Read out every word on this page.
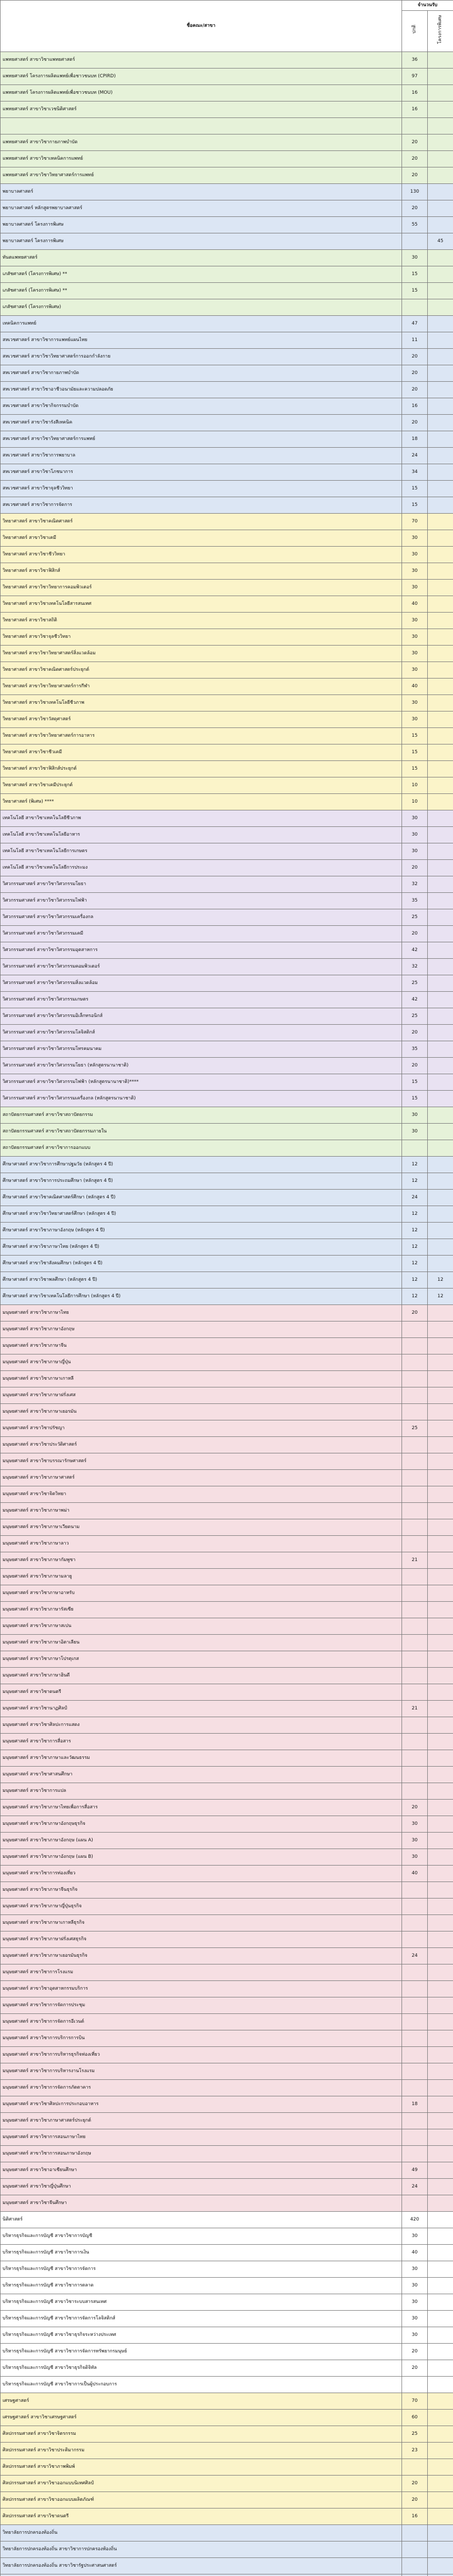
ชื่อคณะ/สาขา	จำนวนรับ	
	ปกติ	โครงการพิเศษ
แพทยศาสตร์ สาขาวิชาแพทยศาสตร์	36	
แพทยศาสตร์ โครงการผลิตแพทย์เพื่อชาวชนบท (CPIRD)	97	
แพทยศาสตร์ โครงการผลิตแพทย์เพื่อชาวชนบท (MOU)	16	
แพทยศาสตร์ สาขาวิชาเวชนิติศาสตร์	16	

แพทยศาสตร์ สาขาวิชากายภาพบำบัด	20	
แพทยศาสตร์ สาขาวิชาเทคนิคการแพทย์	20	
แพทยศาสตร์ สาขาวิชาวิทยาศาสตร์การแพทย์	20	
พยาบาลศาสตร์	130	
พยาบาลศาสตร์ หลักสูตรพยาบาลศาสตร์	20	
พยาบาลศาสตร์ โครงการพิเศษ	55	
พยาบาลศาสตร์ โครงการพิเศษ		45
ทันตแพทยศาสตร์	30	
เภสัชศาสตร์ (โครงการพิเศษ) **	15	
เภสัชศาสตร์ (โครงการพิเศษ) **	15	
เภสัชศาสตร์ (โครงการพิเศษ)		
เทคนิคการแพทย์	47	
สหเวชศาสตร์ สาขาวิชาการแพทย์แผนไทย	11	
สหเวชศาสตร์ สาขาวิชาวิทยาศาสตร์การออกกำลังกาย	20	
สหเวชศาสตร์ สาขาวิชากายภาพบำบัด	20	
สหเวชศาสตร์ สาขาวิชาอาชีวอนามัยและความปลอดภัย	20	
สหเวชศาสตร์ สาขาวิชากิจกรรมบำบัด	16	
สหเวชศาสตร์ สาขาวิชารังสีเทคนิค	20	
สหเวชศาสตร์ สาขาวิชาวิทยาศาสตร์การแพทย์	18	
สหเวชศาสตร์ สาขาวิชาการพยาบาล	24	
สหเวชศาสตร์ สาขาวิชาโภชนาการ	34	
สหเวชศาสตร์ สาขาวิชาจุลชีววิทยา	15	
สหเวชศาสตร์ สาขาวิชาการจัดการ	15	
วิทยาศาสตร์ สาขาวิชาคณิตศาสตร์	70	
วิทยาศาสตร์ สาขาวิชาเคมี	30	
วิทยาศาสตร์ สาขาวิชาชีววิทยา	30	
วิทยาศาสตร์ สาขาวิชาฟิสิกส์	30	
วิทยาศาสตร์ สาขาวิชาวิทยาการคอมพิวเตอร์	30	
วิทยาศาสตร์ สาขาวิชาเทคโนโลยีสารสนเทศ	40	
วิทยาศาสตร์ สาขาวิชาสถิติ	30	
วิทยาศาสตร์ สาขาวิชาจุลชีววิทยา	30	
วิทยาศาสตร์ สาขาวิชาวิทยาศาสตร์สิ่งแวดล้อม	30	
วิทยาศาสตร์ สาขาวิชาคณิตศาสตร์ประยุกต์	30	
วิทยาศาสตร์ สาขาวิชาวิทยาศาสตร์การกีฬา	40	
วิทยาศาสตร์ สาขาวิชาเทคโนโลยีชีวภาพ	30	
วิทยาศาสตร์ สาขาวิชาวัสดุศาสตร์	30	
วิทยาศาสตร์ สาขาวิชาวิทยาศาสตร์การอาหาร	15	
วิทยาศาสตร์ สาขาวิชาชีวเคมี	15	
วิทยาศาสตร์ สาขาวิชาฟิสิกส์ประยุกต์	15	
วิทยาศาสตร์ สาขาวิชาเคมีประยุกต์	10	
วิทยาศาสตร์ (พิเศษ) ****	10	
เทคโนโลยี สาขาวิชาเทคโนโลยีชีวภาพ	30	
เทคโนโลยี สาขาวิชาเทคโนโลยีอาหาร	30	
เทคโนโลยี สาขาวิชาเทคโนโลยีการเกษตร	30	
เทคโนโลยี สาขาวิชาเทคโนโลยีการประมง	20	
วิศวกรรมศาสตร์ สาขาวิชาวิศวกรรมโยธา	32	
วิศวกรรมศาสตร์ สาขาวิชาวิศวกรรมไฟฟ้า	35	
วิศวกรรมศาสตร์ สาขาวิชาวิศวกรรมเครื่องกล	25	
วิศวกรรมศาสตร์ สาขาวิชาวิศวกรรมเคมี	20	
วิศวกรรมศาสตร์ สาขาวิชาวิศวกรรมอุตสาหการ	42	
วิศวกรรมศาสตร์ สาขาวิชาวิศวกรรมคอมพิวเตอร์	32	
วิศวกรรมศาสตร์ สาขาวิชาวิศวกรรมสิ่งแวดล้อม	25	
วิศวกรรมศาสตร์ สาขาวิชาวิศวกรรมเกษตร	42	
วิศวกรรมศาสตร์ สาขาวิชาวิศวกรรมอิเล็กทรอนิกส์	25	
วิศวกรรมศาสตร์ สาขาวิชาวิศวกรรมโลจิสติกส์	20	
วิศวกรรมศาสตร์ สาขาวิชาวิศวกรรมโทรคมนาคม	35	
วิศวกรรมศาสตร์ สาขาวิชาวิศวกรรมโยธา (หลักสูตรนานาชาติ)	20	
วิศวกรรมศาสตร์ สาขาวิชาวิศวกรรมไฟฟ้า (หลักสูตรนานาชาติ)****	15	
วิศวกรรมศาสตร์ สาขาวิชาวิศวกรรมเครื่องกล (หลักสูตรนานาชาติ)	15	
สถาปัตยกรรมศาสตร์ สาขาวิชาสถาปัตยกรรม	30	
สถาปัตยกรรมศาสตร์ สาขาวิชาสถาปัตยกรรมภายใน	30	
สถาปัตยกรรมศาสตร์ สาขาวิชาการออกแบบ		
ศึกษาศาสตร์ สาขาวิชาการศึกษาปฐมวัย (หลักสูตร 4 ปี)	12	
ศึกษาศาสตร์ สาขาวิชาการประถมศึกษา (หลักสูตร 4 ปี)	12	
ศึกษาศาสตร์ สาขาวิชาคณิตศาสตร์ศึกษา (หลักสูตร 4 ปี)	24	
ศึกษาศาสตร์ สาขาวิชาวิทยาศาสตร์ศึกษา (หลักสูตร 4 ปี)	12	
ศึกษาศาสตร์ สาขาวิชาภาษาอังกฤษ (หลักสูตร 4 ปี)	12	
ศึกษาศาสตร์ สาขาวิชาภาษาไทย (หลักสูตร 4 ปี)	12	
ศึกษาศาสตร์ สาขาวิชาสังคมศึกษา (หลักสูตร 4 ปี)	12	
ศึกษาศาสตร์ สาขาวิชาพลศึกษา (หลักสูตร 4 ปี)	12	12
ศึกษาศาสตร์ สาขาวิชาเทคโนโลยีการศึกษา (หลักสูตร 4 ปี)	12	12
มนุษยศาสตร์ สาขาวิชาภาษาไทย	20	
มนุษยศาสตร์ สาขาวิชาภาษาอังกฤษ		
มนุษยศาสตร์ สาขาวิชาภาษาจีน		
มนุษยศาสตร์ สาขาวิชาภาษาญี่ปุ่น		
มนุษยศาสตร์ สาขาวิชาภาษาเกาหลี		
มนุษยศาสตร์ สาขาวิชาภาษาฝรั่งเศส		
มนุษยศาสตร์ สาขาวิชาภาษาเยอรมัน		
มนุษยศาสตร์ สาขาวิชาปรัชญา	25	
มนุษยศาสตร์ สาขาวิชาประวัติศาสตร์		
มนุษยศาสตร์ สาขาวิชาบรรณารักษศาสตร์		
มนุษยศาสตร์ สาขาวิชาภาษาศาสตร์		
มนุษยศาสตร์ สาขาวิชาจิตวิทยา		
มนุษยศาสตร์ สาขาวิชาภาษาพม่า		
มนุษยศาสตร์ สาขาวิชาภาษาเวียดนาม		
มนุษยศาสตร์ สาขาวิชาภาษาลาว		
มนุษยศาสตร์ สาขาวิชาภาษากัมพูชา	21	
มนุษยศาสตร์ สาขาวิชาภาษามลายู		
มนุษยศาสตร์ สาขาวิชาภาษาอาหรับ		
มนุษยศาสตร์ สาขาวิชาภาษารัสเซีย		
มนุษยศาสตร์ สาขาวิชาภาษาสเปน		
มนุษยศาสตร์ สาขาวิชาภาษาอิตาเลียน		
มนุษยศาสตร์ สาขาวิชาภาษาโปรตุเกส		
มนุษยศาสตร์ สาขาวิชาภาษาฮินดี		
มนุษยศาสตร์ สาขาวิชาดนตรี		
มนุษยศาสตร์ สาขาวิชานาฏศิลป์	21	
มนุษยศาสตร์ สาขาวิชาศิลปะการแสดง		
มนุษยศาสตร์ สาขาวิชาการสื่อสาร		
มนุษยศาสตร์ สาขาวิชาภาษาและวัฒนธรรม		
มนุษยศาสตร์ สาขาวิชาศาสนศึกษา		
มนุษยศาสตร์ สาขาวิชาการแปล		
มนุษยศาสตร์ สาขาวิชาภาษาไทยเพื่อการสื่อสาร	20	
มนุษยศาสตร์ สาขาวิชาภาษาอังกฤษธุรกิจ	30	
มนุษยศาสตร์ สาขาวิชาภาษาอังกฤษ (แผน A)	30	
มนุษยศาสตร์ สาขาวิชาภาษาอังกฤษ (แผน B)	30	
มนุษยศาสตร์ สาขาวิชาการท่องเที่ยว	40	
มนุษยศาสตร์ สาขาวิชาภาษาจีนธุรกิจ		
มนุษยศาสตร์ สาขาวิชาภาษาญี่ปุ่นธุรกิจ		
มนุษยศาสตร์ สาขาวิชาภาษาเกาหลีธุรกิจ		
มนุษยศาสตร์ สาขาวิชาภาษาฝรั่งเศสธุรกิจ		
มนุษยศาสตร์ สาขาวิชาภาษาเยอรมันธุรกิจ	24	
มนุษยศาสตร์ สาขาวิชาการโรงแรม		
มนุษยศาสตร์ สาขาวิชาอุตสาหกรรมบริการ		
มนุษยศาสตร์ สาขาวิชาการจัดการประชุม		
มนุษยศาสตร์ สาขาวิชาการจัดการอีเวนต์		
มนุษยศาสตร์ สาขาวิชาการบริการการบิน		
มนุษยศาสตร์ สาขาวิชาการบริหารธุรกิจท่องเที่ยว		
มนุษยศาสตร์ สาขาวิชาการบริหารงานโรงแรม		
มนุษยศาสตร์ สาขาวิชาการจัดการภัตตาคาร		
มนุษยศาสตร์ สาขาวิชาศิลปะการประกอบอาหาร	18	
มนุษยศาสตร์ สาขาวิชาภาษาศาสตร์ประยุกต์		
มนุษยศาสตร์ สาขาวิชาการสอนภาษาไทย		
มนุษยศาสตร์ สาขาวิชาการสอนภาษาอังกฤษ		
มนุษยศาสตร์ สาขาวิชาอาเซียนศึกษา	49	
มนุษยศาสตร์ สาขาวิชาญี่ปุ่นศึกษา	24	
มนุษยศาสตร์ สาขาวิชาจีนศึกษา		
นิติศาสตร์	420	
บริหารธุรกิจและการบัญชี สาขาวิชาการบัญชี	30	
บริหารธุรกิจและการบัญชี สาขาวิชาการเงิน	40	
บริหารธุรกิจและการบัญชี สาขาวิชาการจัดการ	30	
บริหารธุรกิจและการบัญชี สาขาวิชาการตลาด	30	
บริหารธุรกิจและการบัญชี สาขาวิชาระบบสารสนเทศ	30	
บริหารธุรกิจและการบัญชี สาขาวิชาการจัดการโลจิสติกส์	30	
บริหารธุรกิจและการบัญชี สาขาวิชาธุรกิจระหว่างประเทศ	30	
บริหารธุรกิจและการบัญชี สาขาวิชาการจัดการทรัพยากรมนุษย์	20	
บริหารธุรกิจและการบัญชี สาขาวิชาธุรกิจดิจิทัล	20	
บริหารธุรกิจและการบัญชี สาขาวิชาการเป็นผู้ประกอบการ		
เศรษฐศาสตร์	70	
เศรษฐศาสตร์ สาขาวิชาเศรษฐศาสตร์	60	
ศิลปกรรมศาสตร์ สาขาวิชาจิตรกรรม	25	
ศิลปกรรมศาสตร์ สาขาวิชาประติมากรรม	23	
ศิลปกรรมศาสตร์ สาขาวิชาภาพพิมพ์		
ศิลปกรรมศาสตร์ สาขาวิชาออกแบบนิเทศศิลป์	20	
ศิลปกรรมศาสตร์ สาขาวิชาออกแบบผลิตภัณฑ์	20	
ศิลปกรรมศาสตร์ สาขาวิชาดนตรี	16	
วิทยาลัยการปกครองท้องถิ่น		
วิทยาลัยการปกครองท้องถิ่น สาขาวิชาการปกครองท้องถิ่น		
วิทยาลัยการปกครองท้องถิ่น สาขาวิชารัฐประศาสนศาสตร์		
